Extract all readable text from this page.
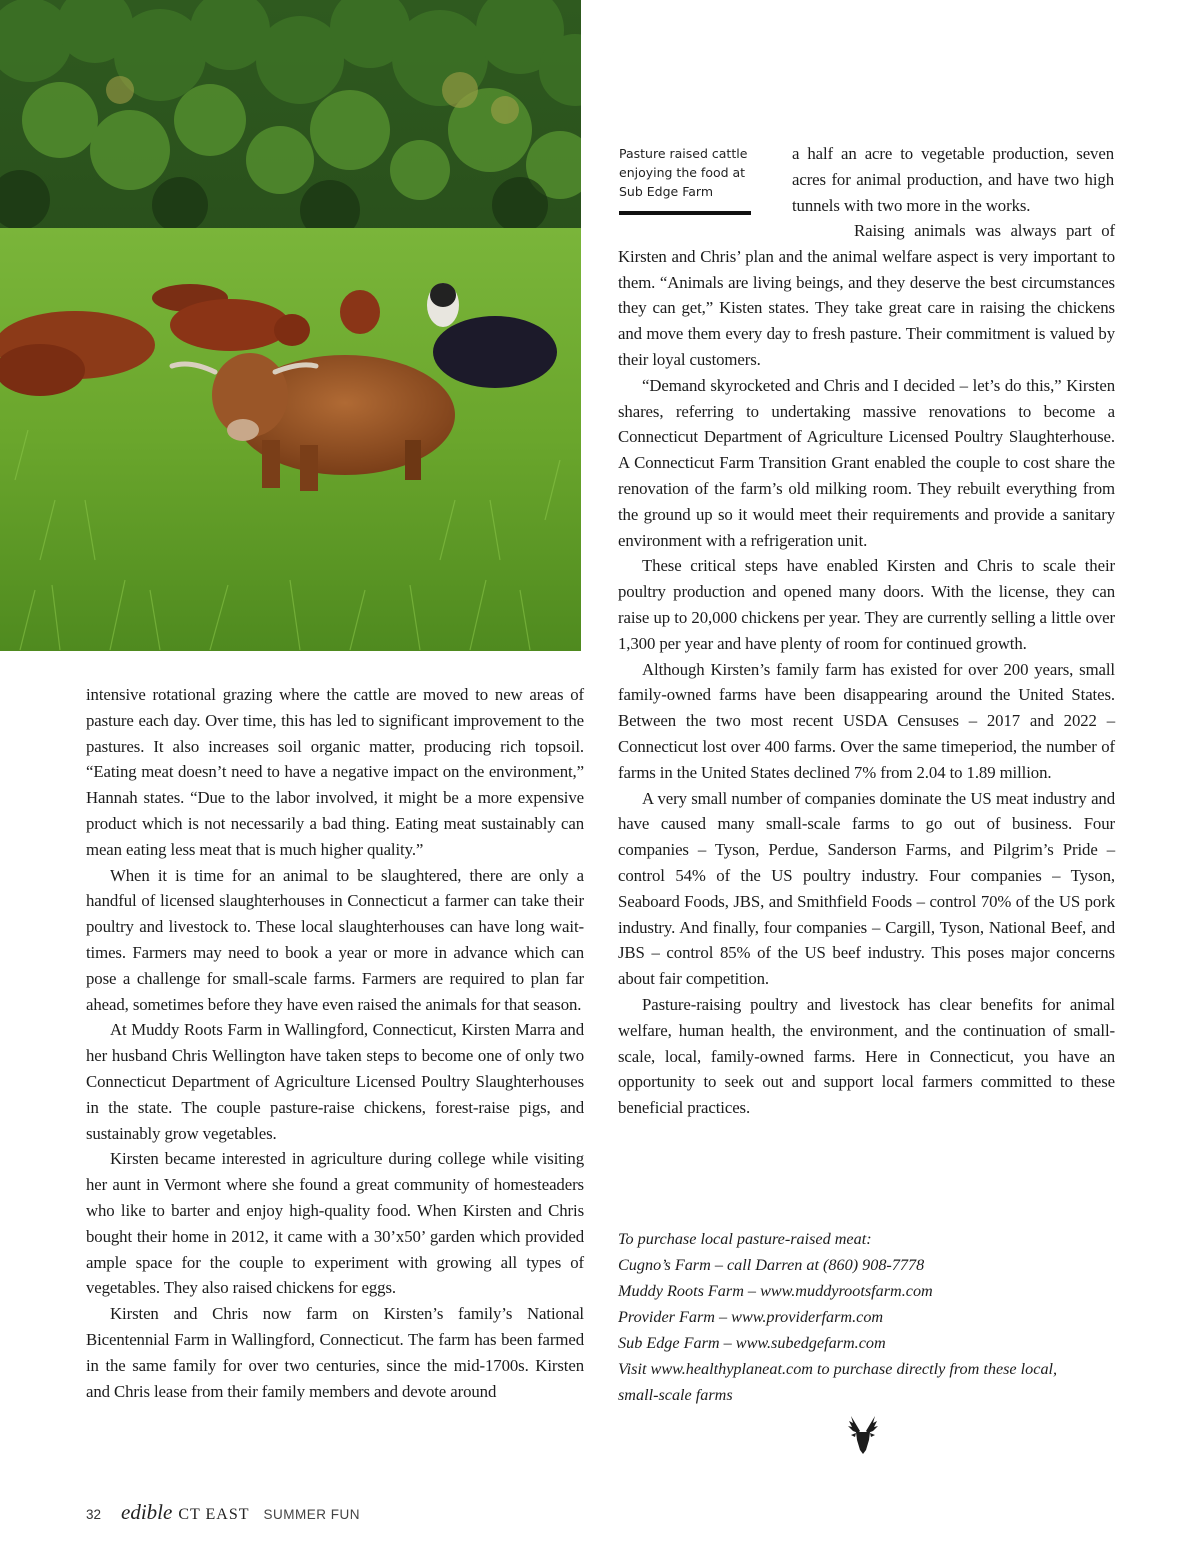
Pasture raised cattle

enjoying the food at

Sub Edge Farm

intensive rotational grazing where the cattle are moved to new areas of pasture each day. Over time, this has led to significant improvement to the pastures. It also increases soil organic matter, producing rich topsoil. “Eating meat doesn’t need to have a negative impact on the environment,” Hannah states. “Due to the labor involved, it might be a more expensive product which is not necessarily a bad thing. Eating meat sustainably can mean eating less meat that is much higher quality.”

When it is time for an animal to be slaughtered, there are only a handful of licensed slaughterhouses in Connecticut a farmer can take their poultry and livestock to. These local slaughterhouses can have long wait-times. Farmers may need to book a year or more in advance which can pose a challenge for small-scale farms. Farmers are required to plan far ahead, sometimes before they have even raised the animals for that season.

At Muddy Roots Farm in Wallingford, Connecticut, Kirsten Marra and her husband Chris Wellington have taken steps to become one of only two Connecticut Department of Agriculture Licensed Poultry Slaughterhouses in the state. The couple pasture-raise chickens, forest-raise pigs, and sustainably grow vegetables.

Kirsten became interested in agriculture during college while visiting her aunt in Vermont where she found a great community of homesteaders who like to barter and enjoy high-quality food. When Kirsten and Chris bought their home in 2012, it came with a 30’x50’ garden which provided ample space for the couple to experiment with growing all types of vegetables. They also raised chickens for eggs.

Kirsten and Chris now farm on Kirsten’s family’s National Bicentennial Farm in Wallingford, Connecticut. The farm has been farmed in the same family for over two centuries, since the mid-1700s. Kirsten and Chris lease from their family members and devote around

a half an acre to vegetable production, seven acres for animal production, and have two high tunnels with two more in the works.

Raising animals was always part of Kirsten and Chris’ plan and the animal welfare aspect is very important to them. “Animals are living beings, and they deserve the best circumstances they can get,” Kisten states. They take great care in raising the chickens and move them every day to fresh pasture. Their commitment is valued by their loyal customers.

“Demand skyrocketed and Chris and I decided – let’s do this,” Kirsten shares, referring to undertaking massive renovations to become a Connecticut Department of Agriculture Licensed Poultry Slaughterhouse. A Connecticut Farm Transition Grant enabled the couple to cost share the renovation of the farm’s old milking room. They rebuilt everything from the ground up so it would meet their requirements and provide a sanitary environment with a refrigeration unit.

These critical steps have enabled Kirsten and Chris to scale their poultry production and opened many doors. With the license, they can raise up to 20,000 chickens per year. They are currently selling a little over 1,300 per year and have plenty of room for continued growth.

Although Kirsten’s family farm has existed for over 200 years, small family-owned farms have been disappearing around the United States. Between the two most recent USDA Censuses – 2017 and 2022 – Connecticut lost over 400 farms. Over the same timeperiod, the number of farms in the United States declined 7% from 2.04 to 1.89 million.

A very small number of companies dominate the US meat industry and have caused many small-scale farms to go out of business. Four companies – Tyson, Perdue, Sanderson Farms, and Pilgrim’s Pride – control 54% of the US poultry industry. Four companies – Tyson, Seaboard Foods, JBS, and Smithfield Foods – control 70% of the US pork industry. And finally, four companies – Cargill, Tyson, National Beef, and JBS – control 85% of the US beef industry. This poses major concerns about fair competition.

Pasture-raising poultry and livestock has clear benefits for animal welfare, human health, the environment, and the continuation of small-scale, local, family-owned farms. Here in Connecticut, you have an opportunity to seek out and support local farmers committed to these beneficial practices.

To purchase local pasture-raised meat:
Cugno’s Farm – call Darren at (860) 908-7778
Muddy Roots Farm – www.muddyrootsfarm.com
Provider Farm – www.providerfarm.com
Sub Edge Farm – www.subedgefarm.com
Visit www.healthyplaneat.com to purchase directly from these local,
small-scale farms
32 edible CT EAST SUMMER FUN
